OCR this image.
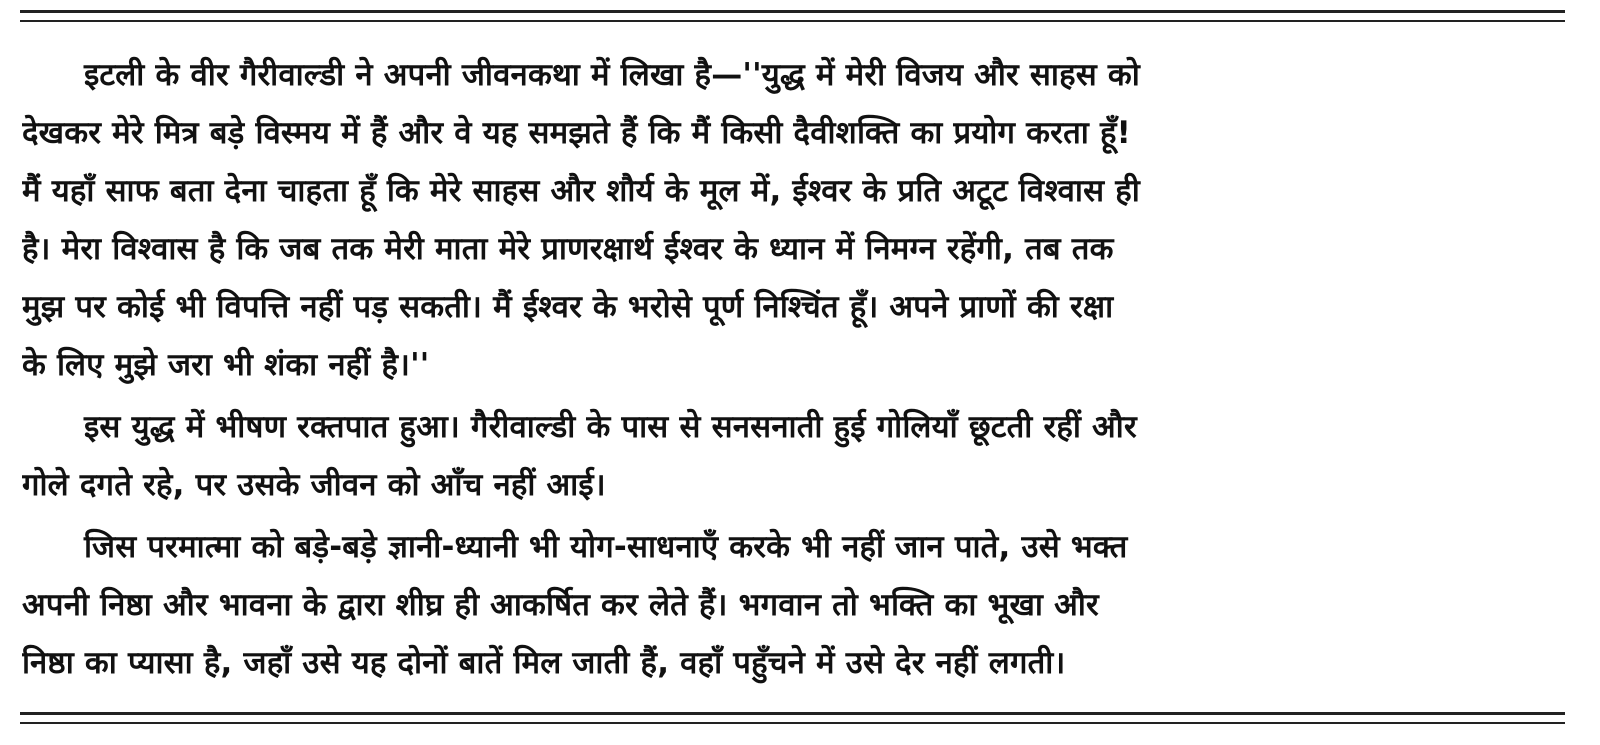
इटली के वीर गैरीवाल्डी ने अपनी जीवनकथा में लिखा है—''युद्ध में मेरी विजय और साहस को
देखकर मेरे मित्र बड़े विस्मय में हैं और वे यह समझते हैं कि मैं किसी दैवीशक्ति का प्रयोग करता हूँ!
मैं यहाँ साफ बता देना चाहता हूँ कि मेरे साहस और शौर्य के मूल में, ईश्वर के प्रति अटूट विश्वास ही
है। मेरा विश्वास है कि जब तक मेरी माता मेरे प्राणरक्षार्थ ईश्वर के ध्यान में निमग्न रहेंगी, तब तक
मुझ पर कोई भी विपत्ति नहीं पड़ सकती। मैं ईश्वर के भरोसे पूर्ण निश्चिंत हूँ। अपने प्राणों की रक्षा
के लिए मुझे जरा भी शंका नहीं है।''
इस युद्ध में भीषण रक्तपात हुआ। गैरीवाल्डी के पास से सनसनाती हुई गोलियाँ छूटती रहीं और
गोले दगते रहे, पर उसके जीवन को आँच नहीं आई।
जिस परमात्मा को बड़े-बड़े ज्ञानी-ध्यानी भी योग-साधनाएँ करके भी नहीं जान पाते, उसे भक्त
अपनी निष्ठा और भावना के द्वारा शीघ्र ही आकर्षित कर लेते हैं। भगवान तो भक्ति का भूखा और
निष्ठा का प्यासा है, जहाँ उसे यह दोनों बातें मिल जाती हैं, वहाँ पहुँचने में उसे देर नहीं लगती।
